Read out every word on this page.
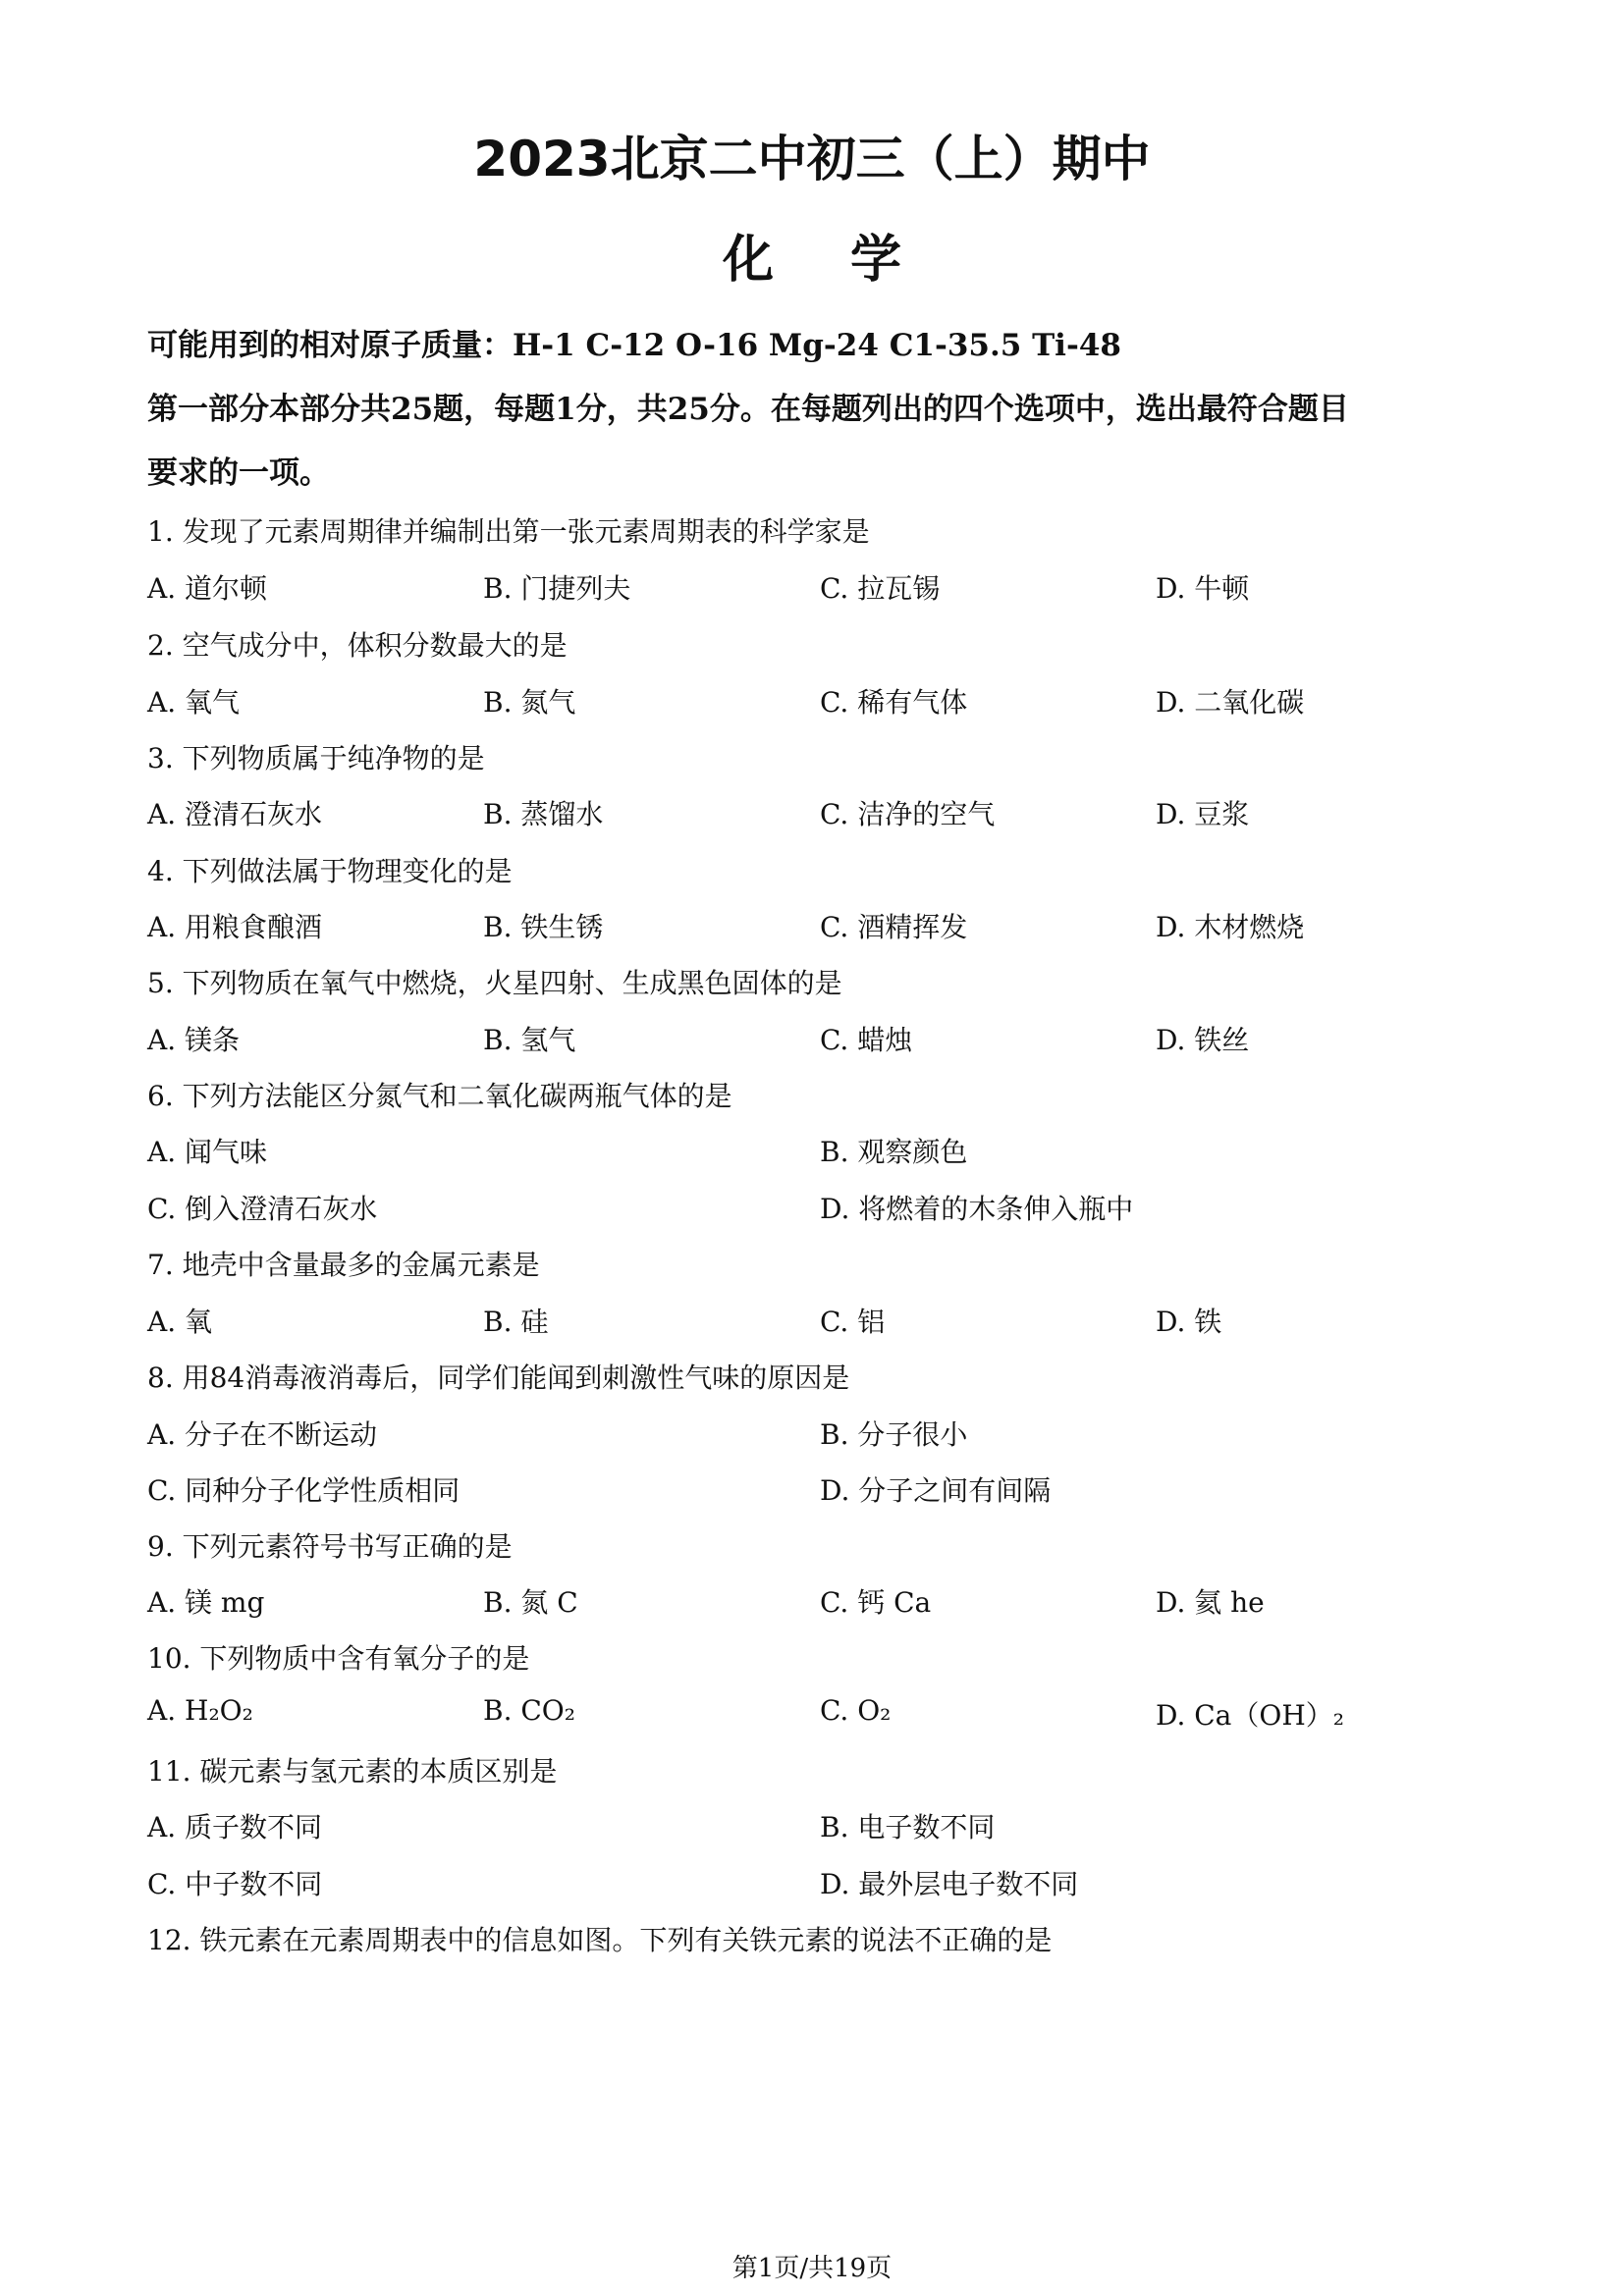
2023北京二中初三（上）期中
化学
可能用到的相对原子质量：H-1 C-12 O-16 Mg-24 C1-35.5 Ti-48
第一部分本部分共25题，每题1分，共25分。在每题列出的四个选项中，选出最符合题目
要求的一项。
1. 发现了元素周期律并编制出第一张元素周期表的科学家是
A. 道尔顿	B. 门捷列夫	C. 拉瓦锡	D. 牛顿
2. 空气成分中，体积分数最大的是
A. 氧气	B. 氮气	C. 稀有气体	D. 二氧化碳
3. 下列物质属于纯净物的是
A. 澄清石灰水	B. 蒸馏水	C. 洁净的空气	D. 豆浆
4. 下列做法属于物理变化的是
A. 用粮食酿酒	B. 铁生锈	C. 酒精挥发	D. 木材燃烧
5. 下列物质在氧气中燃烧，火星四射、生成黑色固体的是
A. 镁条	B. 氢气	C. 蜡烛	D. 铁丝
6. 下列方法能区分氮气和二氧化碳两瓶气体的是
A. 闻气味	B. 观察颜色
C. 倒入澄清石灰水	D. 将燃着的木条伸入瓶中
7. 地壳中含量最多的金属元素是
A. 氧	B. 硅	C. 铝	D. 铁
8. 用84消毒液消毒后，同学们能闻到刺激性气味的原因是
A. 分子在不断运动	B. 分子很小
C. 同种分子化学性质相同	D. 分子之间有间隔
9. 下列元素符号书写正确的是
A. 镁 mg	B. 氮 C	C. 钙 Ca	D. 氦 he
10. 下列物质中含有氧分子的是
A. H₂O₂	B. CO₂	C. O₂	D. Ca（OH）₂
11. 碳元素与氢元素的本质区别是
A. 质子数不同	B. 电子数不同
C. 中子数不同	D. 最外层电子数不同
12. 铁元素在元素周期表中的信息如图。下列有关铁元素的说法不正确的是
第1页/共19页
